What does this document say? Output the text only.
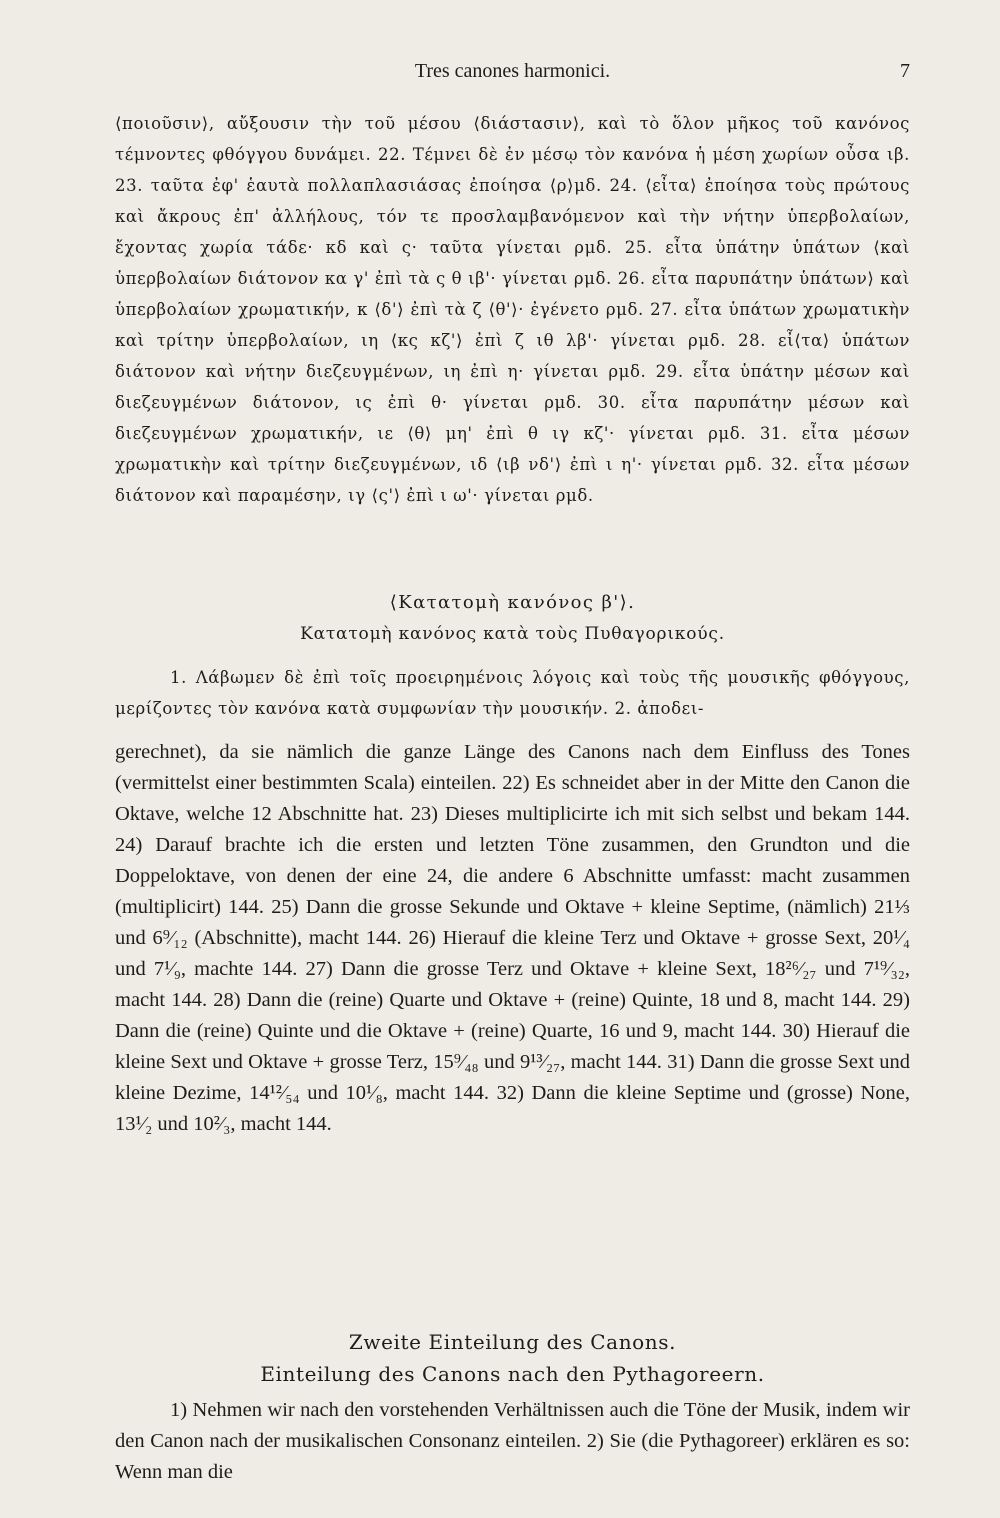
Tres canones harmonici.	7

⟨ποιοῦσιν⟩, αὔξουσιν τὴν τοῦ μέσου ⟨διάστασιν⟩, καὶ τὸ ὅλον μῆκος τοῦ κανόνος τέμνοντες φθόγγου δυνάμει. 22. Τέμνει δὲ ἐν μέσῳ τὸν κανόνα ἡ μέση χωρίων οὖσα ιβ. 23. ταῦτα ἐφ' ἑαυτὰ πολλαπλασιάσας ἐποίησα ⟨ρ⟩μδ. 24. ⟨εἶτα⟩ ἐποίησα τοὺς πρώτους καὶ ἄκρους ἐπ' ἀλλήλους, τόν τε προσλαμβανόμενον καὶ τὴν νήτην ὑπερβολαίων, ἔχοντας χωρία τάδε· κδ καὶ ς· ταῦτα γίνεται ρμδ. 25. εἶτα ὑπάτην ὑπάτων ⟨καὶ ὑπερβολαίων διάτονον κα γ' ἐπὶ τὰ ς θ ιβ'· γίνεται ρμδ. 26. εἶτα παρυπάτην ὑπάτων⟩ καὶ ὑπερβολαίων χρωματικήν, κ ⟨δ'⟩ ἐπὶ τὰ ζ ⟨θ'⟩· ἐγένετο ρμδ. 27. εἶτα ὑπάτων χρωματικὴν καὶ τρίτην ὑπερβολαίων, ιη ⟨κς κζ'⟩ ἐπὶ ζ ιθ λβ'· γίνεται ρμδ. 28. εἶ⟨τα⟩ ὑπάτων διάτονον καὶ νήτην διεζευγμένων, ιη ἐπὶ η· γίνεται ρμδ. 29. εἶτα ὑπάτην μέσων καὶ διεζευγμένων διάτονον, ις ἐπὶ θ· γίνεται ρμδ. 30. εἶτα παρυπάτην μέσων καὶ διεζευγμένων χρωματικήν, ιε ⟨θ⟩ μη' ἐπὶ θ ιγ κζ'· γίνεται ρμδ. 31. εἶτα μέσων χρωματικὴν καὶ τρίτην διεζευγμένων, ιδ ⟨ιβ νδ'⟩ ἐπὶ ι η'· γίνεται ρμδ. 32. εἶτα μέσων διάτονον καὶ παραμέσην, ιγ ⟨ς'⟩ ἐπὶ ι ω'· γίνεται ρμδ.

⟨Κατατομὴ κανόνος β'⟩.
Κατατομὴ κανόνος κατὰ τοὺς Πυθαγορικούς.

1. Λάβωμεν δὲ ἐπὶ τοῖς προειρημένοις λόγοις καὶ τοὺς τῆς μουσικῆς φθόγγους, μερίζοντες τὸν κανόνα κατὰ συμφωνίαν τὴν μουσικήν. 2. ἀποδει-

gerechnet), da sie nämlich die ganze Länge des Canons nach dem Einfluss des Tones (vermittelst einer bestimmten Scala) einteilen. 22) Es schneidet aber in der Mitte den Canon die Oktave, welche 12 Abschnitte hat. 23) Dieses multiplicirte ich mit sich selbst und bekam 144. 24) Darauf brachte ich die ersten und letzten Töne zusammen, den Grundton und die Doppeloktave, von denen der eine 24, die andere 6 Abschnitte umfasst: macht zusammen (multiplicirt) 144. 25) Dann die grosse Sekunde und Oktave + kleine Septime, (nämlich) 21⅓ und 6⁹⁄₁₂ (Abschnitte), macht 144. 26) Hierauf die kleine Terz und Oktave + grosse Sext, 20¹⁄₄ und 7¹⁄₉, machte 144. 27) Dann die grosse Terz und Oktave + kleine Sext, 18²⁶⁄₂₇ und 7¹⁹⁄₃₂, macht 144. 28) Dann die (reine) Quarte und Oktave + (reine) Quinte, 18 und 8, macht 144. 29) Dann die (reine) Quinte und die Oktave + (reine) Quarte, 16 und 9, macht 144. 30) Hierauf die kleine Sext und Oktave + grosse Terz, 15⁹⁄₄₈ und 9¹³⁄₂₇, macht 144. 31) Dann die grosse Sext und kleine Dezime, 14¹²⁄₅₄ und 10¹⁄₈, macht 144. 32) Dann die kleine Septime und (grosse) None, 13¹⁄₂ und 10²⁄₃, macht 144.

Zweite Einteilung des Canons.
Einteilung des Canons nach den Pythagoreern.

1) Nehmen wir nach den vorstehenden Verhältnissen auch die Töne der Musik, indem wir den Canon nach der musikalischen Consonanz einteilen. 2) Sie (die Pythagoreer) erklären es so: Wenn man die
